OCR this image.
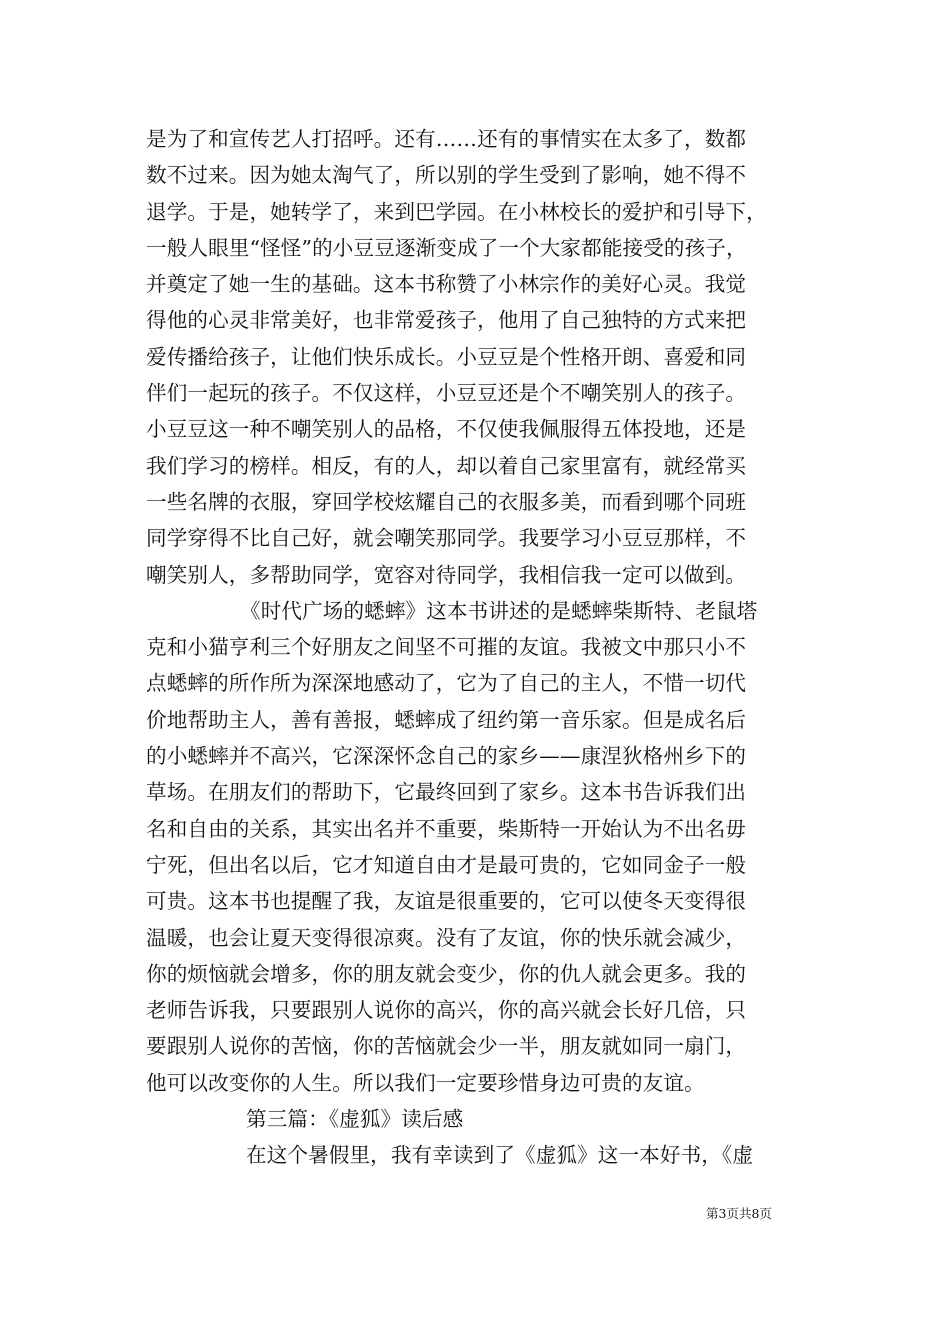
是为了和宣传艺人打招呼。还有……还有的事情实在太多了，数都
数不过来。因为她太淘气了，所以别的学生受到了影响，她不得不
退学。于是，她转学了，来到巴学园。在小林校长的爱护和引导下，
一般人眼里“怪怪”的小豆豆逐渐变成了一个大家都能接受的孩子，
并奠定了她一生的基础。这本书称赞了小林宗作的美好心灵。我觉
得他的心灵非常美好，也非常爱孩子，他用了自己独特的方式来把
爱传播给孩子，让他们快乐成长。小豆豆是个性格开朗、喜爱和同
伴们一起玩的孩子。不仅这样，小豆豆还是个不嘲笑别人的孩子。
小豆豆这一种不嘲笑别人的品格，不仅使我佩服得五体投地，还是
我们学习的榜样。相反，有的人，却以着自己家里富有，就经常买
一些名牌的衣服，穿回学校炫耀自己的衣服多美，而看到哪个同班
同学穿得不比自己好，就会嘲笑那同学。我要学习小豆豆那样，不
嘲笑别人，多帮助同学，宽容对待同学，我相信我一定可以做到。
《时代广场的蟋蟀》这本书讲述的是蟋蟀柴斯特、老鼠塔
克和小猫亨利三个好朋友之间坚不可摧的友谊。我被文中那只小不
点蟋蟀的所作所为深深地感动了，它为了自己的主人，不惜一切代
价地帮助主人，善有善报，蟋蟀成了纽约第一音乐家。但是成名后
的小蟋蟀并不高兴，它深深怀念自己的家乡——康涅狄格州乡下的
草场。在朋友们的帮助下，它最终回到了家乡。这本书告诉我们出
名和自由的关系，其实出名并不重要，柴斯特一开始认为不出名毋
宁死，但出名以后，它才知道自由才是最可贵的，它如同金子一般
可贵。这本书也提醒了我，友谊是很重要的，它可以使冬天变得很
温暖，也会让夏天变得很凉爽。没有了友谊，你的快乐就会减少，
你的烦恼就会增多，你的朋友就会变少，你的仇人就会更多。我的
老师告诉我，只要跟别人说你的高兴，你的高兴就会长好几倍，只
要跟别人说你的苦恼，你的苦恼就会少一半，朋友就如同一扇门，
他可以改变你的人生。所以我们一定要珍惜身边可贵的友谊。
第三篇：《虚狐》读后感
在这个暑假里，我有幸读到了《虚狐》这一本好书，《虚
第3页共8页
